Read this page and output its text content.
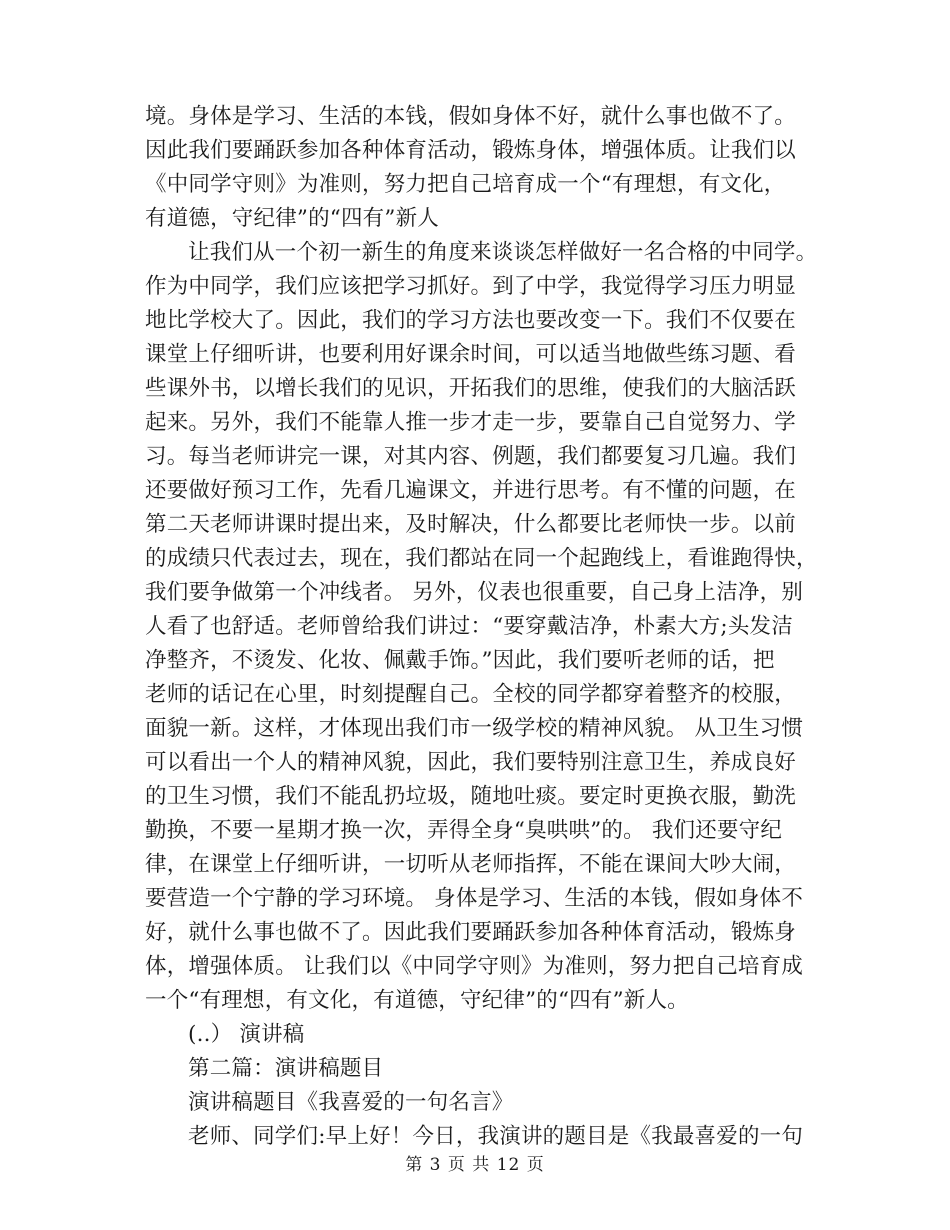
境。身体是学习、生活的本钱，假如身体不好，就什么事也做不了。
因此我们要踊跃参加各种体育活动，锻炼身体，增强体质。让我们以
《中同学守则》为准则，努力把自己培育成一个“有理想，有文化，
有道德，守纪律”的“四有”新人
让我们从一个初一新生的角度来谈谈怎样做好一名合格的中同学。
作为中同学，我们应该把学习抓好。到了中学，我觉得学习压力明显
地比学校大了。因此，我们的学习方法也要改变一下。我们不仅要在
课堂上仔细听讲，也要利用好课余时间，可以适当地做些练习题、看
些课外书，以增长我们的见识，开拓我们的思维，使我们的大脑活跃
起来。另外，我们不能靠人推一步才走一步，要靠自己自觉努力、学
习。每当老师讲完一课，对其内容、例题，我们都要复习几遍。我们
还要做好预习工作，先看几遍课文，并进行思考。有不懂的问题，在
第二天老师讲课时提出来，及时解决，什么都要比老师快一步。以前
的成绩只代表过去，现在，我们都站在同一个起跑线上，看谁跑得快，
我们要争做第一个冲线者。 另外，仪表也很重要，自己身上洁净，别
人看了也舒适。老师曾给我们讲过：“要穿戴洁净，朴素大方;头发洁
净整齐，不烫发、化妆、佩戴手饰。”因此，我们要听老师的话，把
老师的话记在心里，时刻提醒自己。全校的同学都穿着整齐的校服，
面貌一新。这样，才体现出我们市一级学校的精神风貌。 从卫生习惯
可以看出一个人的精神风貌，因此，我们要特别注意卫生，养成良好
的卫生习惯，我们不能乱扔垃圾，随地吐痰。要定时更换衣服，勤洗
勤换，不要一星期才换一次，弄得全身“臭哄哄”的。 我们还要守纪
律，在课堂上仔细听讲，一切听从老师指挥，不能在课间大吵大闹，
要营造一个宁静的学习环境。 身体是学习、生活的本钱，假如身体不
好，就什么事也做不了。因此我们要踊跃参加各种体育活动，锻炼身
体，增强体质。 让我们以《中同学守则》为准则，努力把自己培育成
一个“有理想，有文化，有道德，守纪律”的“四有”新人。
(..） 演讲稿
第二篇：演讲稿题目
演讲稿题目《我喜爱的一句名言》
老师、同学们:早上好！今日，我演讲的题目是《我最喜爱的一句
第 3 页 共 12 页
